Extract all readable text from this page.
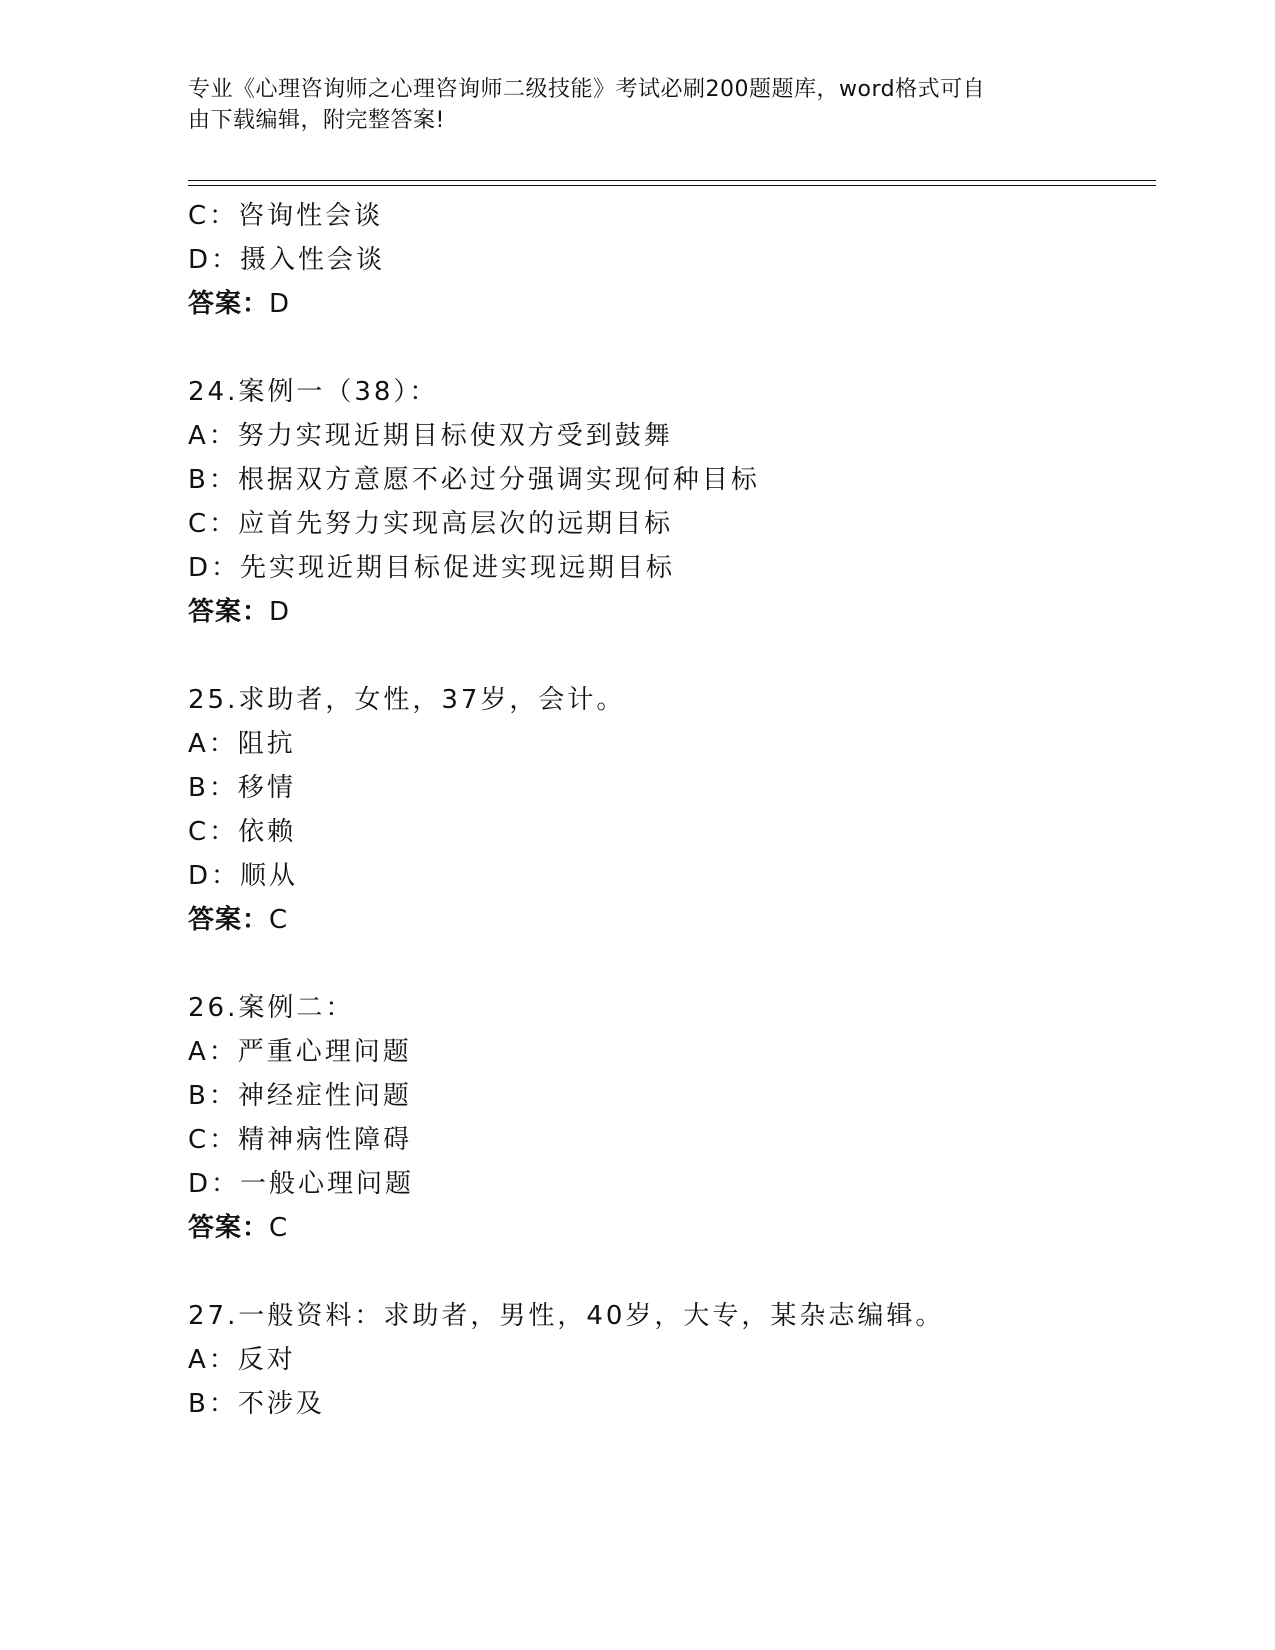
专业《心理咨询师之心理咨询师二级技能》考试必刷200题题库，word格式可自
由下载编辑，附完整答案!
C：咨询性会谈
D：摄入性会谈
答案：D
24.案例一（38）：
A：努力实现近期目标使双方受到鼓舞
B：根据双方意愿不必过分强调实现何种目标
C：应首先努力实现高层次的远期目标
D：先实现近期目标促进实现远期目标
答案：D
25.求助者，女性，37岁，会计。
A：阻抗
B：移情
C：依赖
D：顺从
答案：C
26.案例二：
A：严重心理问题
B：神经症性问题
C：精神病性障碍
D：一般心理问题
答案：C
27.一般资料：求助者，男性，40岁，大专，某杂志编辑。
A：反对
B：不涉及
